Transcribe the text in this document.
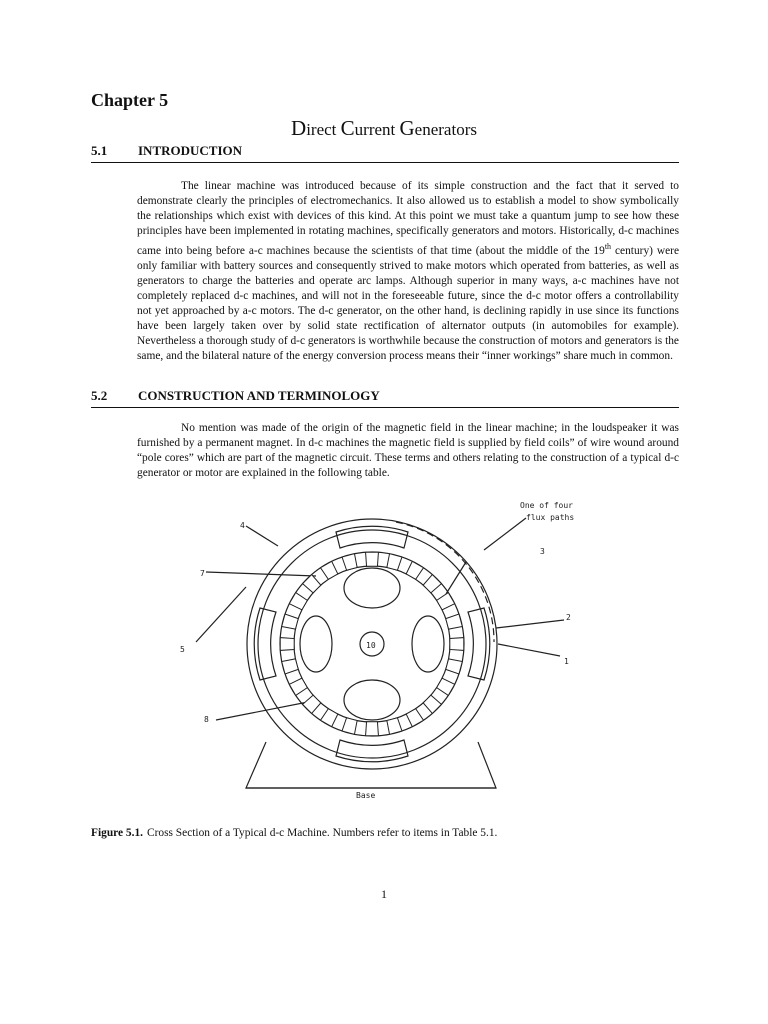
Chapter 5
Direct Current Generators
5.1 INTRODUCTION

The linear machine was introduced because of its simple construction and the fact that it served to demonstrate clearly the principles of electromechanics. It also allowed us to establish a model to show symbolically the relationships which exist with devices of this kind. At this point we must take a quantum jump to see how these principles have been implemented in rotating machines, specifically generators and motors. Historically, d-c machines came into being before a-c machines because the scientists of that time (about the middle of the 19th century) were only familiar with battery sources and consequently strived to make motors which operated from batteries, as well as generators to charge the batteries and operate arc lamps. Although superior in many ways, a-c machines have not completely replaced d-c machines, and will not in the foreseeable future, since the d-c motor offers a controllability not yet approached by a-c motors. The d-c generator, on the other hand, is declining rapidly in use since its functions have been largely taken over by solid state rectification of alternator outputs (in automobiles for example). Nevertheless a thorough study of d-c generators is worthwhile because the construction of motors and generators is the same, and the bilateral nature of the energy conversion process means their “inner workings” share much in common.

5.2 CONSTRUCTION AND TERMINOLOGY

No mention was made of the origin of the magnetic field in the linear machine; in the loudspeaker it was furnished by a permanent magnet. In d-c machines the magnetic field is supplied by field coils” of wire wound around “pole cores” which are part of the magnetic circuit. These terms and others relating to the construction of a typical d-c generator or motor are explained in the following table.

One of four
flux paths
Base
10
1
2
3
4
5
7
8
Figure 5.1. Cross Section of a Typical d-c Machine. Numbers refer to items in Table 5.1.
1
